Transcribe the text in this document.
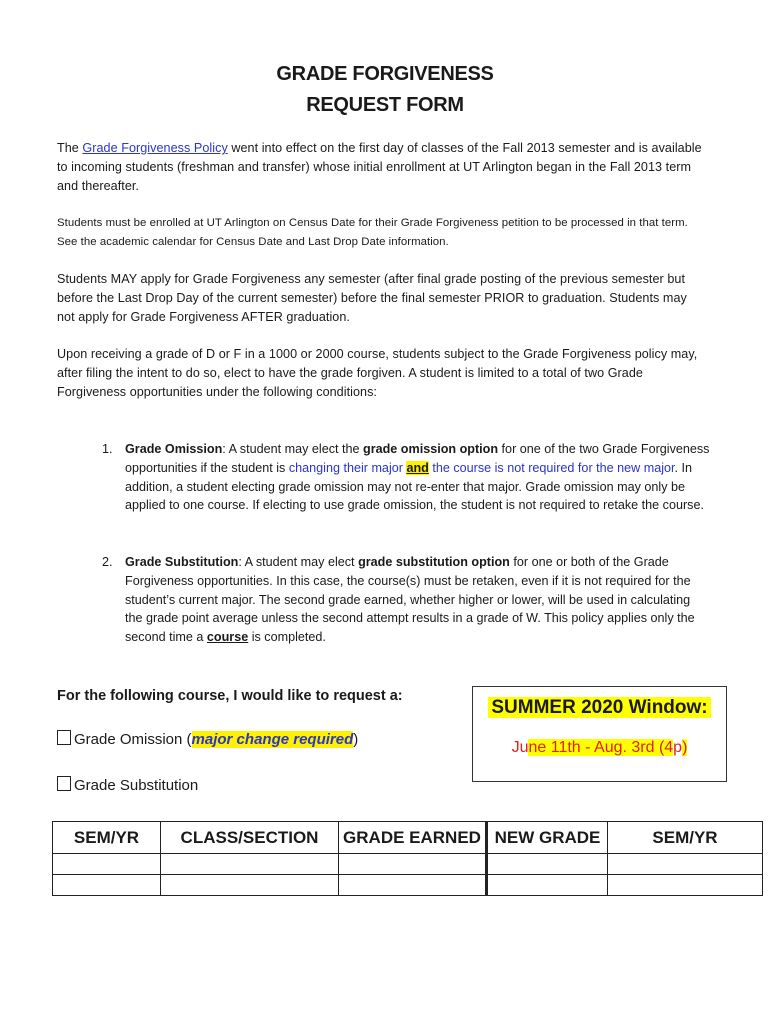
GRADE FORGIVENESS
REQUEST FORM
The Grade Forgiveness Policy went into effect on the first day of classes of the Fall 2013 semester and is available to incoming students (freshman and transfer) whose initial enrollment at UT Arlington began in the Fall 2013 term and thereafter.
Students must be enrolled at UT Arlington on Census Date for their Grade Forgiveness petition to be processed in that term. See the academic calendar for Census Date and Last Drop Date information.
Students MAY apply for Grade Forgiveness any semester (after final grade posting of the previous semester but before the Last Drop Day of the current semester) before the final semester PRIOR to graduation. Students may not apply for Grade Forgiveness AFTER graduation.
Upon receiving a grade of D or F in a 1000 or 2000 course, students subject to the Grade Forgiveness policy may, after filing the intent to do so, elect to have the grade forgiven. A student is limited to a total of two Grade Forgiveness opportunities under the following conditions:
1. Grade Omission: A student may elect the grade omission option for one of the two Grade Forgiveness opportunities if the student is changing their major and the course is not required for the new major. In addition, a student electing grade omission may not re-enter that major. Grade omission may only be applied to one course. If electing to use grade omission, the student is not required to retake the course.
2. Grade Substitution: A student may elect grade substitution option for one or both of the Grade Forgiveness opportunities. In this case, the course(s) must be retaken, even if it is not required for the student’s current major. The second grade earned, whether higher or lower, will be used in calculating the grade point average unless the second attempt results in a grade of W. This policy applies only the second time a course is completed.
For the following course, I would like to request a:
Grade Omission (major change required)
Grade Substitution
SUMMER 2020 Window:
June 11th - Aug. 3rd (4p)
SEM/YR	CLASS/SECTION	GRADE EARNED	NEW GRADE	SEM/YR
